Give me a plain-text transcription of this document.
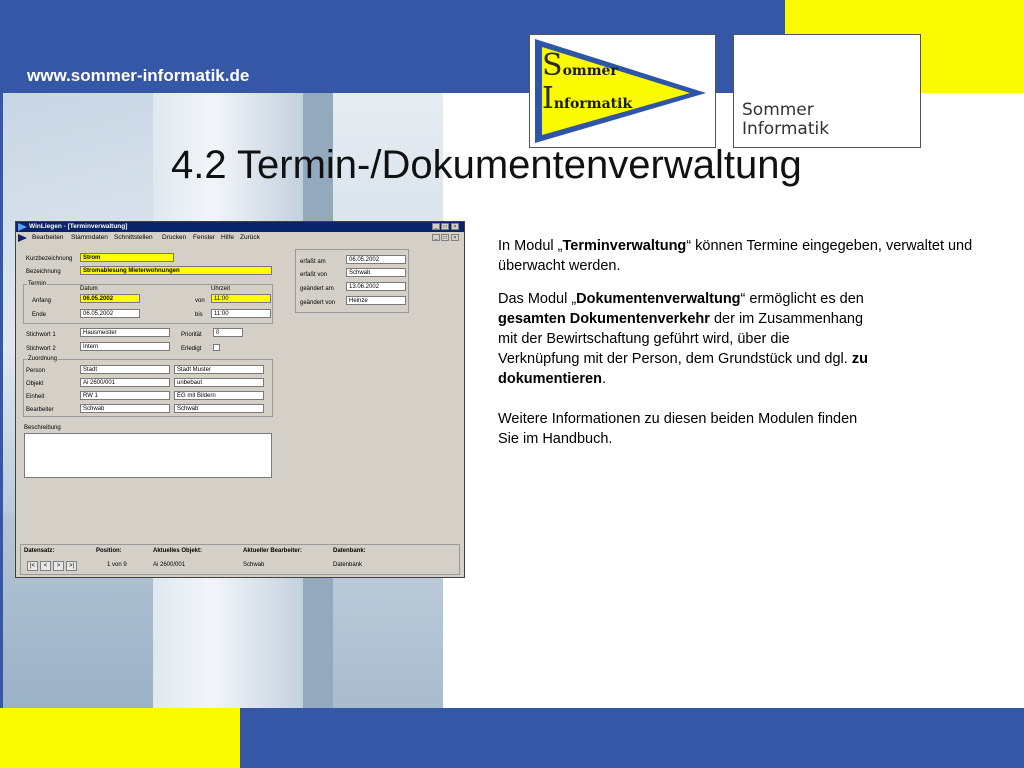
www.sommer-informatik.de	Sommer
Informatik	Sommer
Informatik
4.2 Termin-/Dokumentenverwaltung

In Modul „Terminverwaltung“ können Termine eingegeben, verwaltet und überwacht werden.

Das Modul „Dokumentenverwaltung“ ermöglicht es den gesamten Dokumentenverkehr der im Zusammenhang mit der Bewirtschaftung geführt wird, über die Verknüpfung mit der Person, dem Grundstück und dgl. zu dokumentieren.

Weitere Informationen zu diesen beiden Modulen finden Sie im Handbuch.

WinLiegen - [Terminverwaltung]	_	□	×
Bearbeiten Stammdaten Schnittstellen Drucken Fenster Hilfe Zurück	_	□	×
Kurzbezeichnung	Strom
Bezeichnung	Stromablesung Mieterwohnungen
Termin
Datum	Uhrzeit
Anfang	06.05.2002	von	11:00
Ende	06.05.2002	bis	11:00
erfaßt am	06.05.2002
erfaßt von	Schwab
geändert am	13.06.2002
geändert von	Heinze
Stichwort 1	Hausmeister	Priorität	0
Stichwort 2	Intern	Erledigt
Zuordnung
Person	Stadt	Stadt Muster
Objekt	Ai 2600/001	unbebaut
Einheit	RW 1	EG mit Bildern
Bearbeiter	Schwab	Schwab
Beschreibung
Datensatz:
|<	<	>	>|
Position:
1 von 9
Aktuelles Objekt:
Ai 2600/001
Aktueller Bearbeiter:
Schwab
Datenbank:
Datenbank
